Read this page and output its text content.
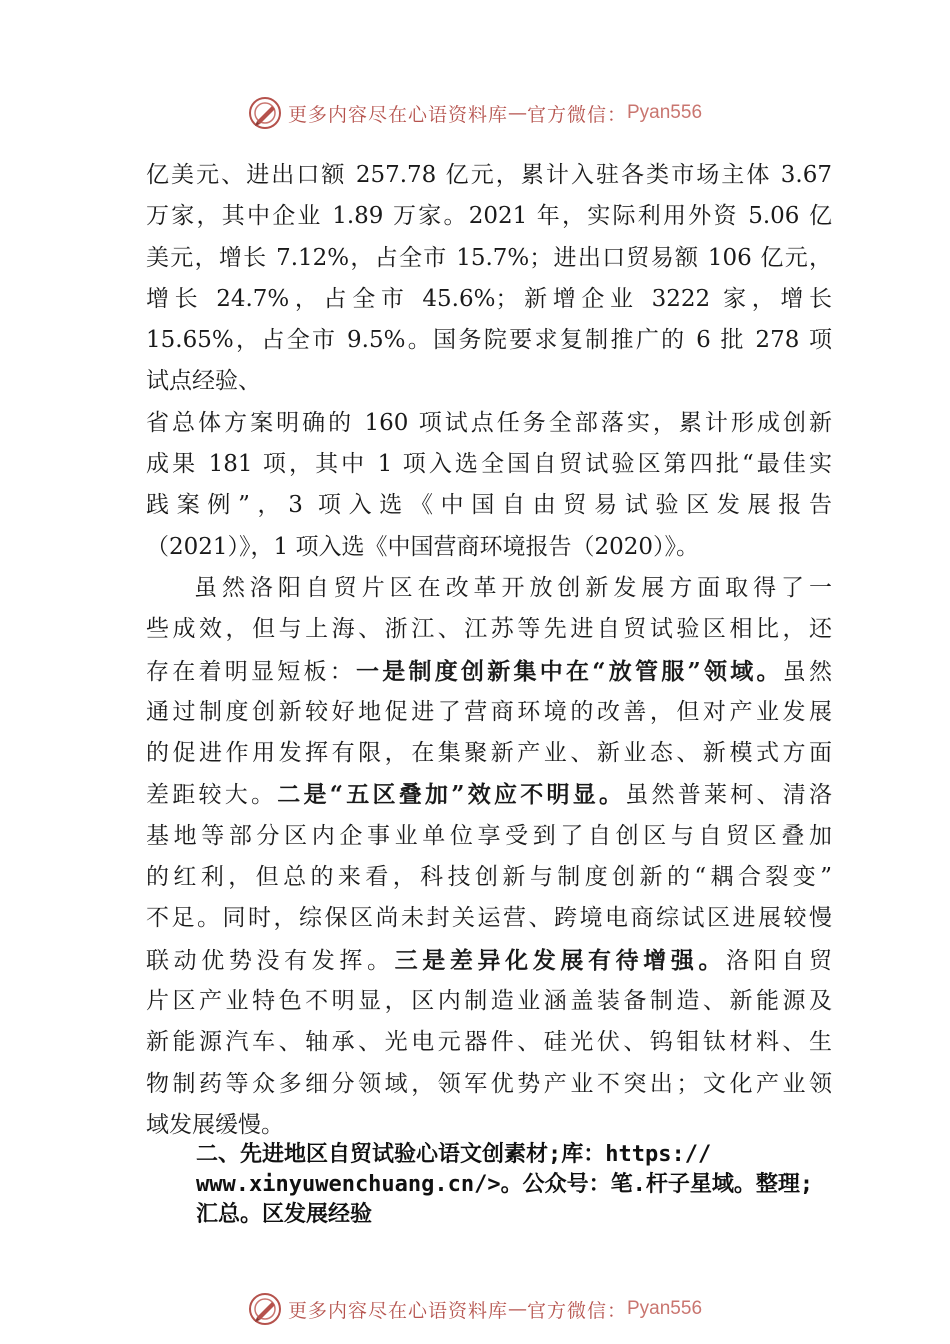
更多内容尽在心语资料库 — 官方微信： Pyan556
亿美元、进出口额 257.78 亿元，累计入驻各类市场主体 3.67
万家，其中企业 1.89 万家。2021 年，实际利用外资 5.06 亿
美元，增长 7.12%，占全市 15.7%；进出口贸易额 106 亿元，
增长 24.7%，占全市 45.6%；新增企业 3222 家，增长
15.65%，占全市 9.5%。国务院要求复制推广的 6 批 278 项
试点经验、
省总体方案明确的 160 项试点任务全部落实，累计形成创新
成果 181 项，其中 1 项入选全国自贸试验区第四批“最佳实
践案例”，3 项入选《中国自由贸易试验区发展报告
（2021）》，1 项入选《中国营商环境报告（2020）》。
虽然洛阳自贸片区在改革开放创新发展方面取得了一
些成效，但与上海、浙江、江苏等先进自贸试验区相比，还
存在着明显短板：一是制度创新集中在“放管服”领域。虽然
通过制度创新较好地促进了营商环境的改善，但对产业发展
的促进作用发挥有限，在集聚新产业、新业态、新模式方面
差距较大。二是“五区叠加”效应不明显。虽然普莱柯、清洛
基地等部分区内企事业单位享受到了自创区与自贸区叠加
的红利，但总的来看，科技创新与制度创新的“耦合裂变”
不足。同时，综保区尚未封关运营、跨境电商综试区进展较慢
联动优势没有发挥。三是差异化发展有待增强。洛阳自贸
片区产业特色不明显，区内制造业涵盖装备制造、新能源及
新能源汽车、轴承、光电元器件、硅光伏、钨钼钛材料、生
物制药等众多细分领域，领军优势产业不突出；文化产业领
域发展缓慢。
二、先进地区自贸试验心语文创素材;库：https://
www.xinyuwenchuang.cn/>。公众号：笔.杆子星域。整理;
汇总。区发展经验
更多内容尽在心语资料库 — 官方微信： Pyan556
